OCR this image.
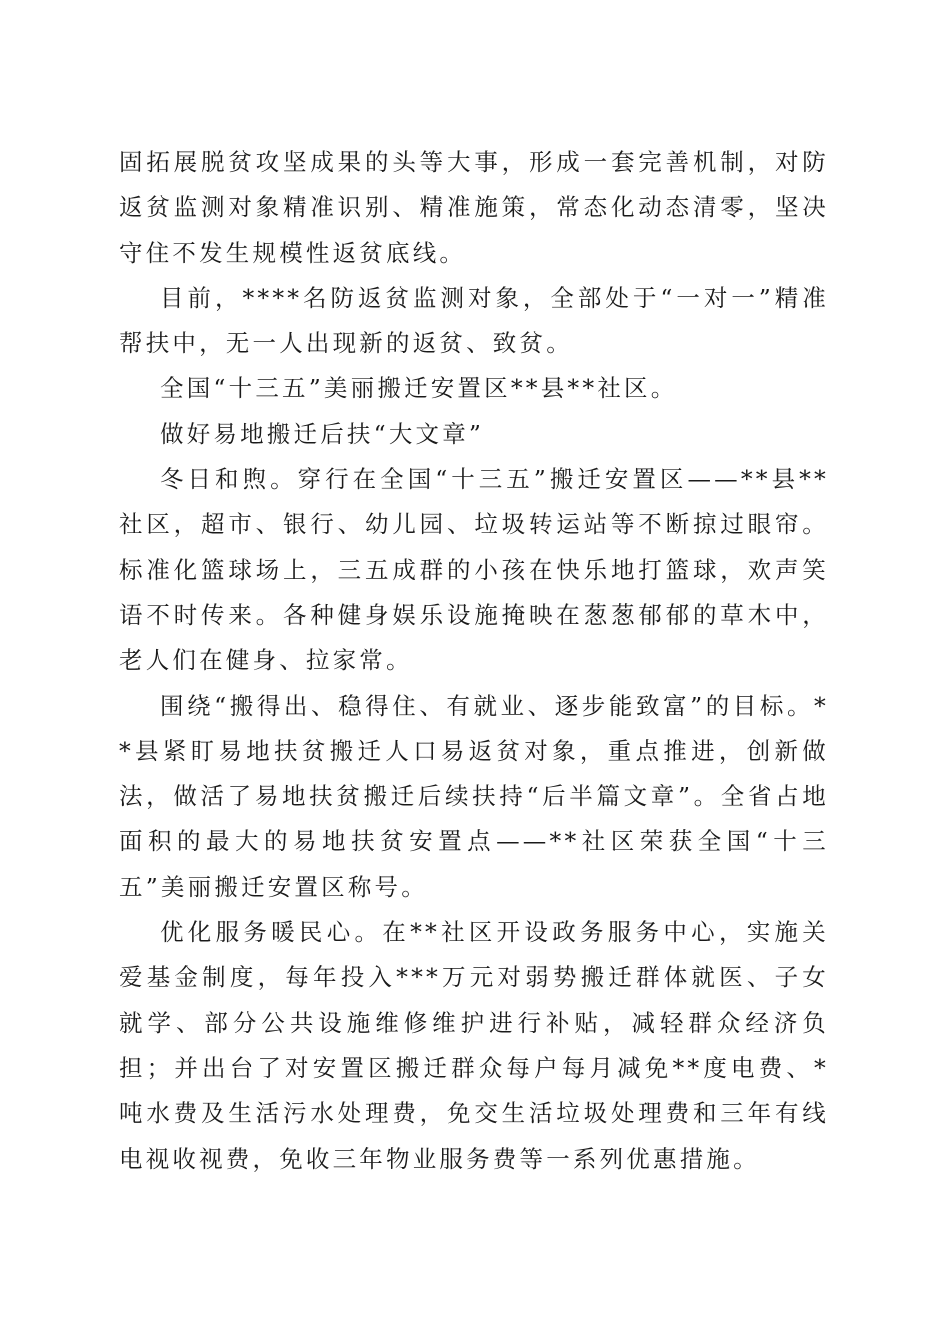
固拓展脱贫攻坚成果的头等大事，形成一套完善机制，对防返贫监测对象精准识别、精准施策，常态化动态清零，坚决守住不发生规模性返贫底线。

目前，****名防返贫监测对象，全部处于“一对一”精准帮扶中，无一人出现新的返贫、致贫。

全国“十三五”美丽搬迁安置区**县**社区。

做好易地搬迁后扶“大文章”

冬日和煦。穿行在全国“十三五”搬迁安置区——**县**社区，超市、银行、幼儿园、垃圾转运站等不断掠过眼帘。标准化篮球场上，三五成群的小孩在快乐地打篮球，欢声笑语不时传来。各种健身娱乐设施掩映在葱葱郁郁的草木中，老人们在健身、拉家常。

围绕“搬得出、稳得住、有就业、逐步能致富”的目标。**县紧盯易地扶贫搬迁人口易返贫对象，重点推进，创新做法，做活了易地扶贫搬迁后续扶持“后半篇文章”。全省占地面积的最大的易地扶贫安置点——**社区荣获全国“十三五”美丽搬迁安置区称号。

优化服务暖民心。在**社区开设政务服务中心，实施关爱基金制度，每年投入***万元对弱势搬迁群体就医、子女就学、部分公共设施维修维护进行补贴，减轻群众经济负担；并出台了对安置区搬迁群众每户每月减免**度电费、*吨水费及生活污水处理费，免交生活垃圾处理费和三年有线电视收视费，免收三年物业服务费等一系列优惠措施。
